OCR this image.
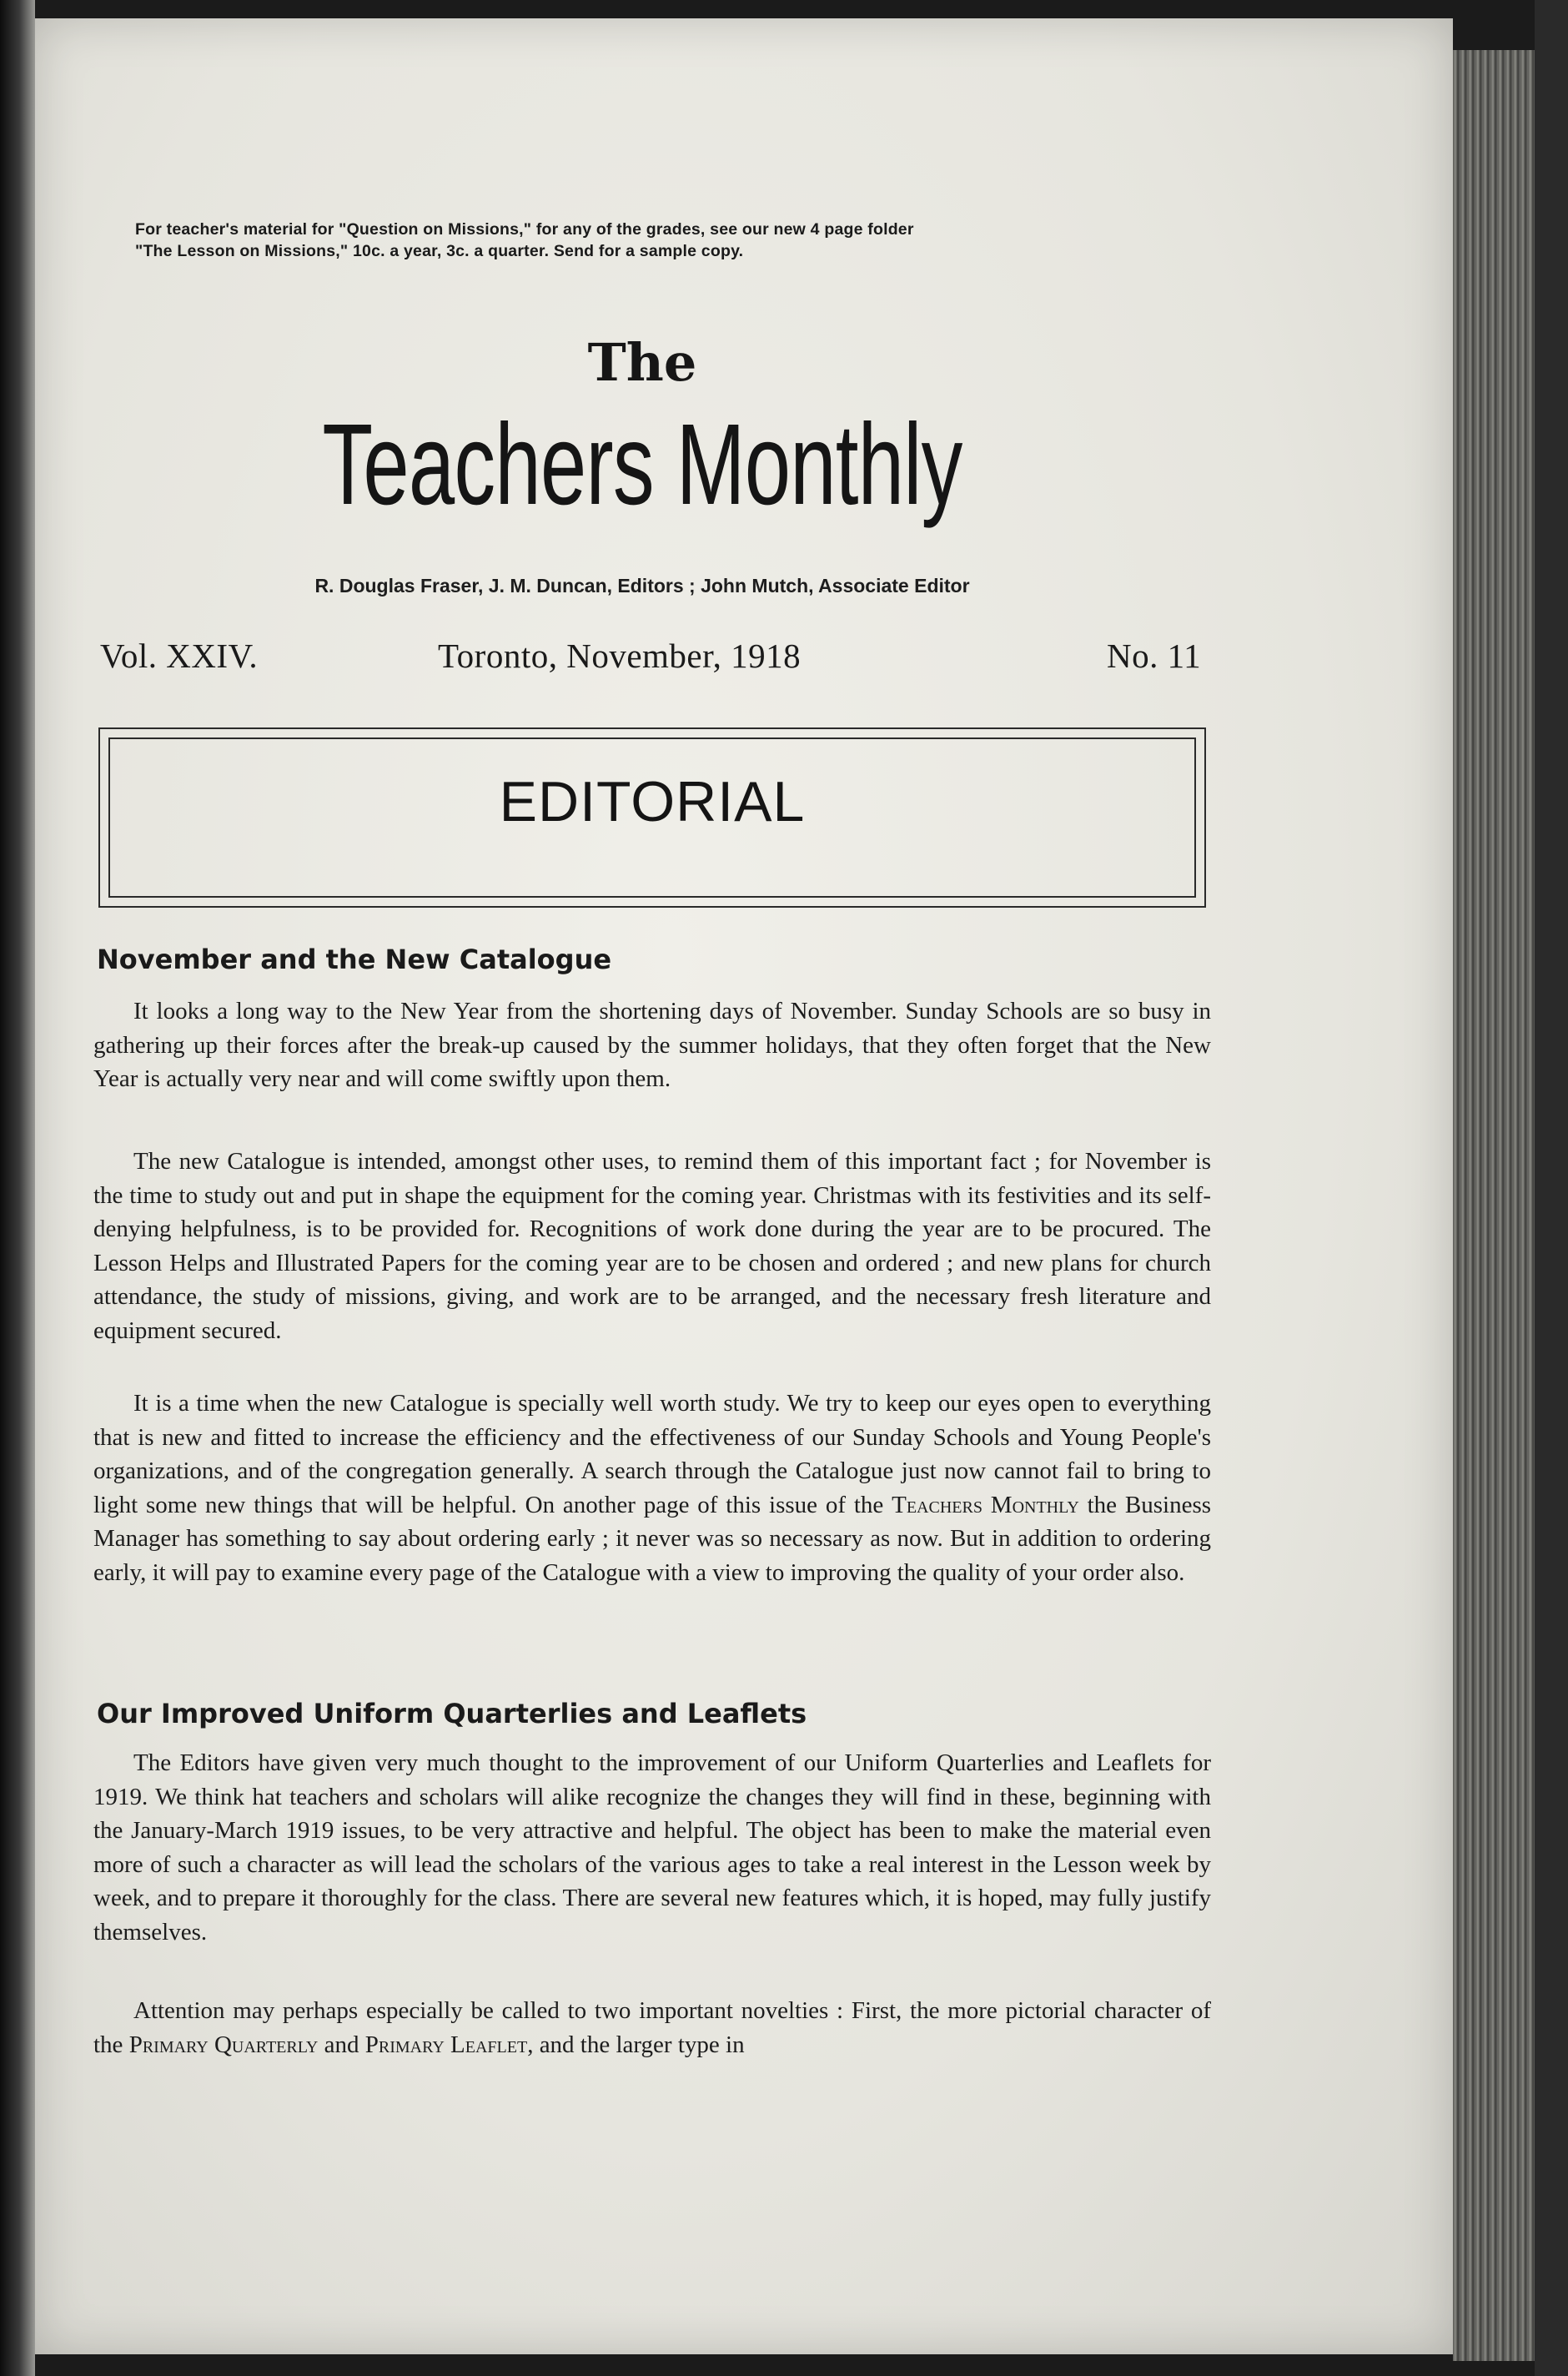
For teacher's material for "Question on Missions," for any of the grades, see our new 4 page folder
"The Lesson on Missions," 10c. a year, 3c. a quarter. Send for a sample copy.
The
Teachers Monthly
R. Douglas Fraser, J. M. Duncan, Editors ; John Mutch, Associate Editor
Vol. XXIV.	Toronto, November, 1918	No. 11
EDITORIAL
November and the New Catalogue

It looks a long way to the New Year from the shortening days of November. Sunday Schools are so busy in gathering up their forces after the break-up caused by the summer holidays, that they often forget that the New Year is actually very near and will come swiftly upon them.

The new Catalogue is intended, amongst other uses, to remind them of this important fact ; for November is the time to study out and put in shape the equipment for the coming year. Christmas with its festivities and its self-denying helpfulness, is to be provided for. Recognitions of work done during the year are to be procured. The Lesson Helps and Illustrated Papers for the coming year are to be chosen and ordered ; and new plans for church attendance, the study of missions, giving, and work are to be arranged, and the necessary fresh literature and equipment secured.

It is a time when the new Catalogue is specially well worth study. We try to keep our eyes open to everything that is new and fitted to increase the efficiency and the effectiveness of our Sunday Schools and Young People's organizations, and of the congregation generally. A search through the Catalogue just now cannot fail to bring to light some new things that will be helpful. On another page of this issue of the Teachers Monthly the Business Manager has something to say about ordering early ; it never was so necessary as now. But in addition to ordering early, it will pay to examine every page of the Catalogue with a view to improving the quality of your order also.

Our Improved Uniform Quarterlies and Leaflets

The Editors have given very much thought to the improvement of our Uniform Quarterlies and Leaflets for 1919. We think hat teachers and scholars will alike recognize the changes they will find in these, beginning with the January-March 1919 issues, to be very attractive and helpful. The object has been to make the material even more of such a character as will lead the scholars of the various ages to take a real interest in the Lesson week by week, and to prepare it thoroughly for the class. There are several new features which, it is hoped, may fully justify themselves.

Attention may perhaps especially be called to two important novelties : First, the more pictorial character of the Primary Quarterly and Primary Leaflet, and the larger type in
